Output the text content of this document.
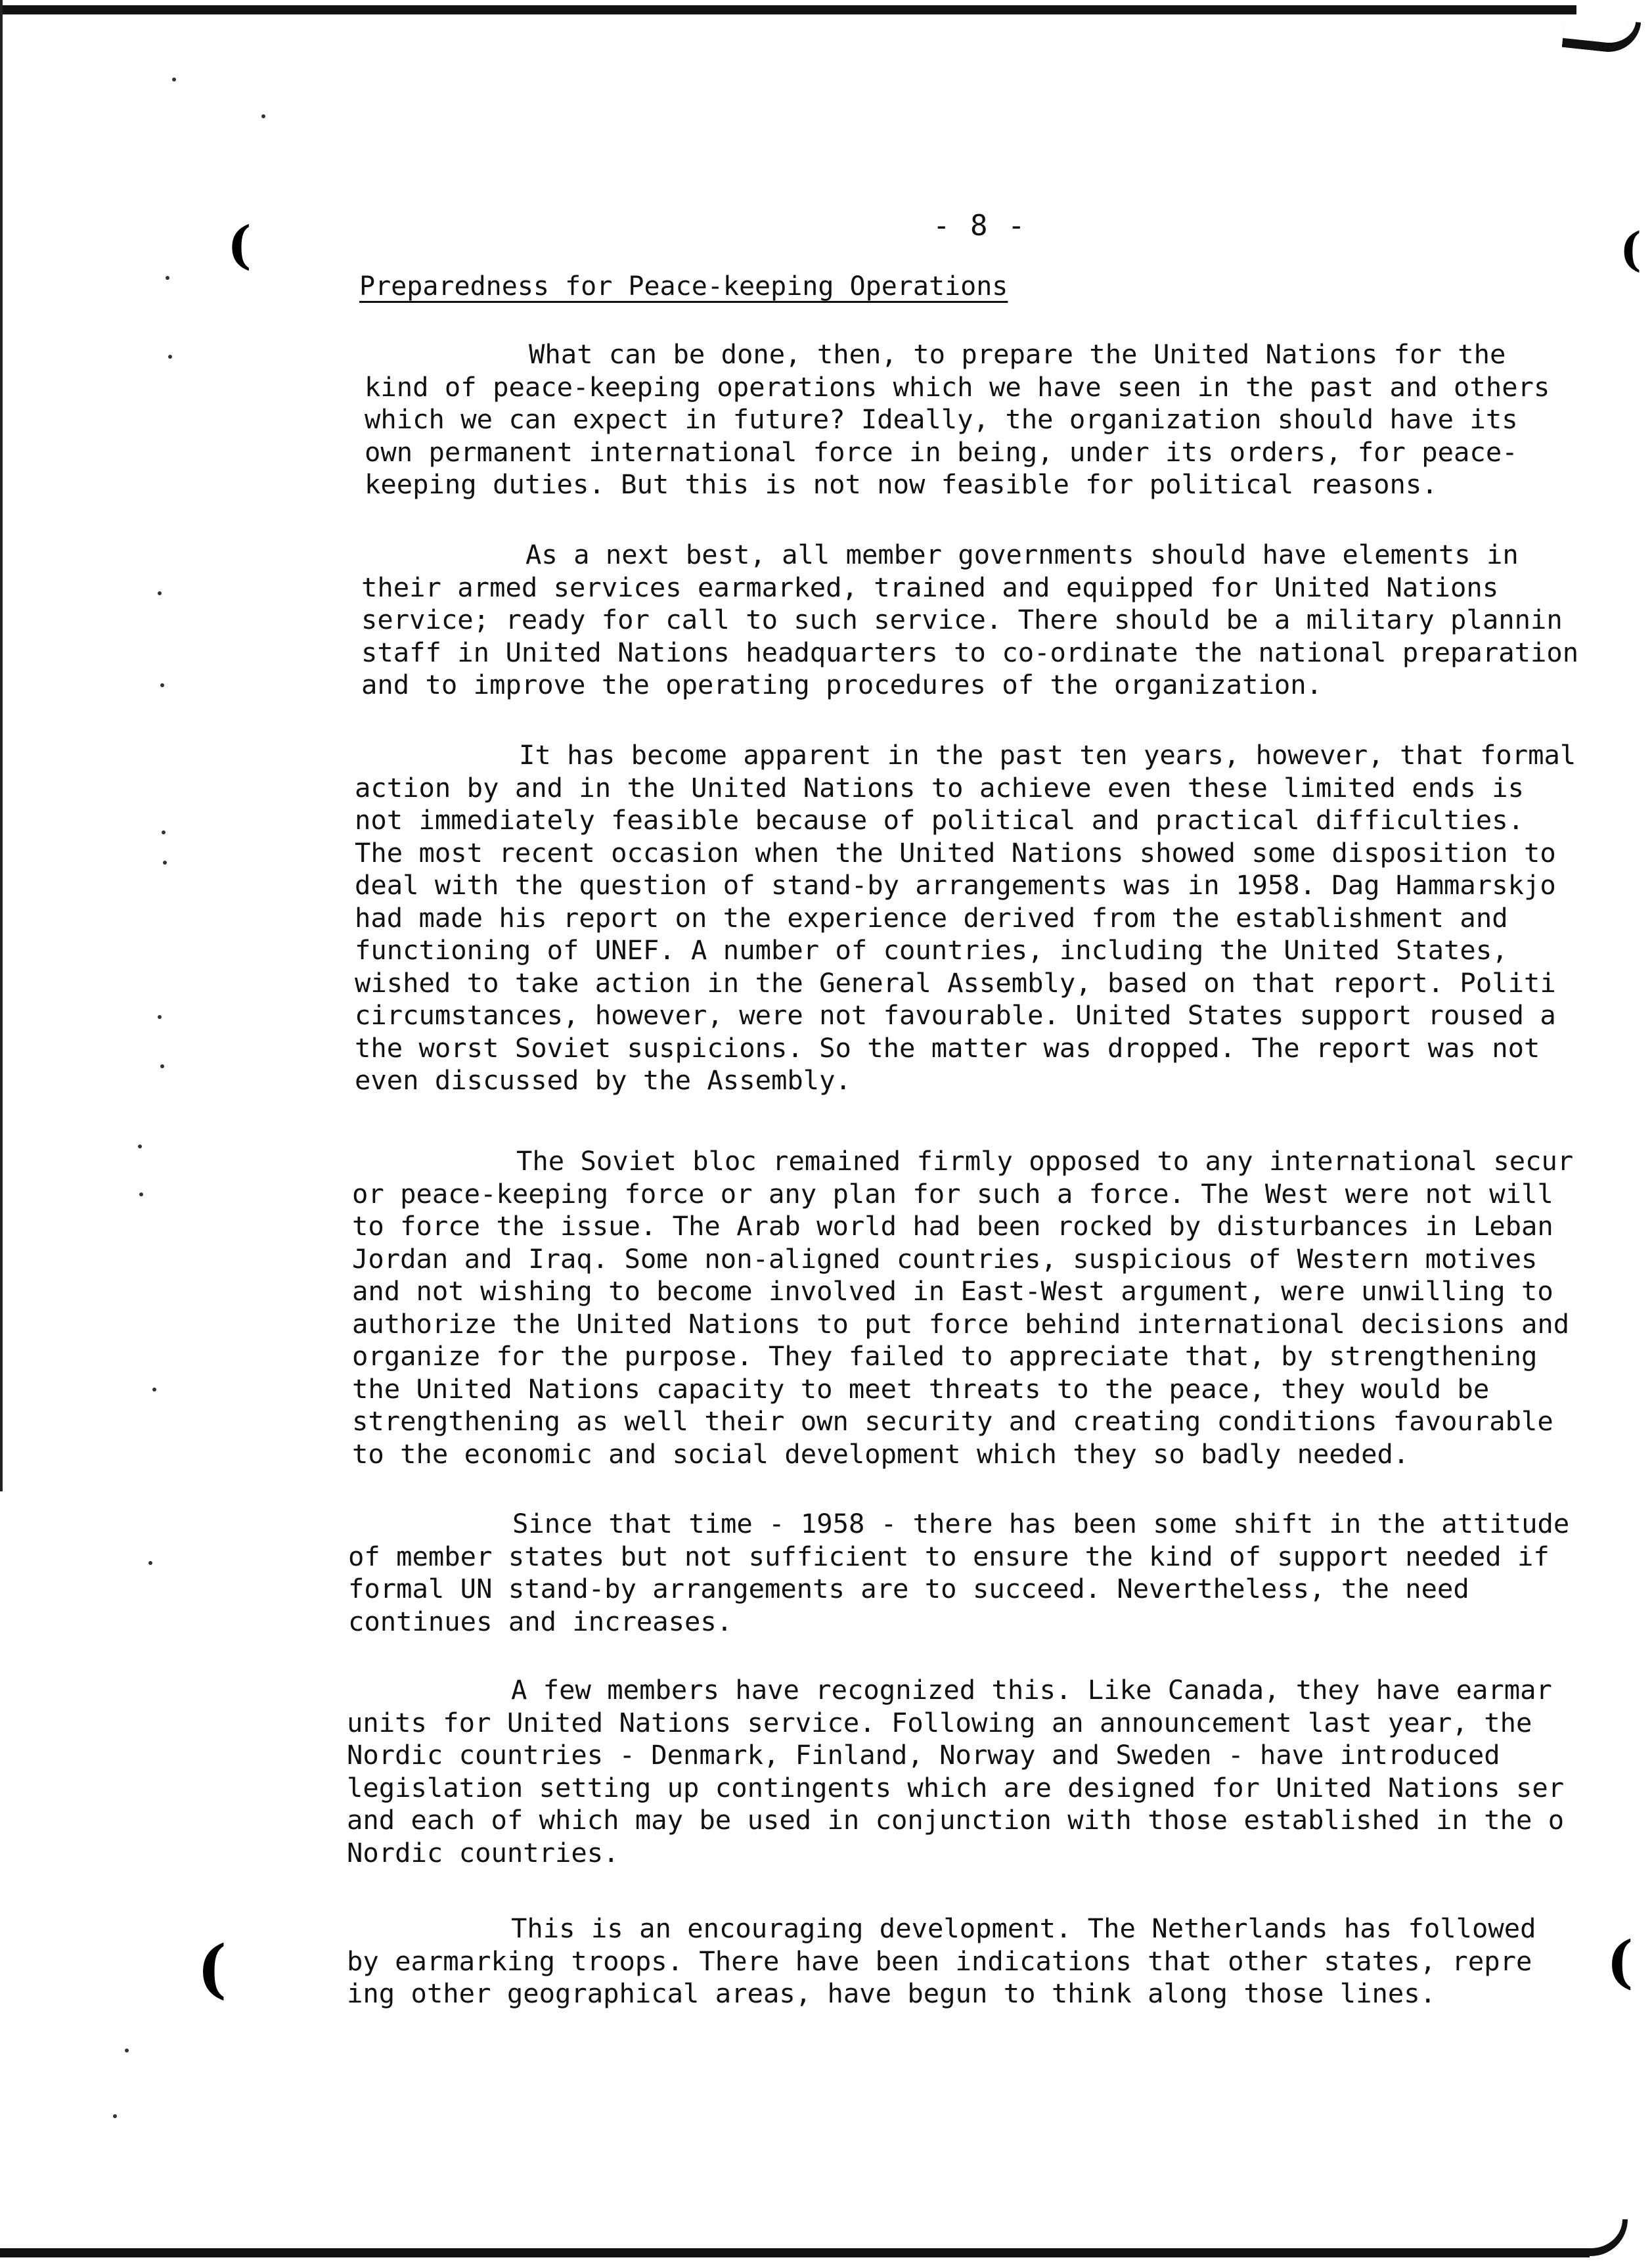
(	(
(	(
- 8 -
Preparedness for Peace-keeping Operations

What can be done, then, to prepare the United Nations for the
kind of peace-keeping operations which we have seen in the past and others
which we can expect in future? Ideally, the organization should have its
own permanent international force in being, under its orders, for peace-
keeping duties. But this is not now feasible for political reasons.

As a next best, all member governments should have elements in
their armed services earmarked, trained and equipped for United Nations
service; ready for call to such service. There should be a military plannin
staff in United Nations headquarters to co-ordinate the national preparation
and to improve the operating procedures of the organization.

It has become apparent in the past ten years, however, that formal
action by and in the United Nations to achieve even these limited ends is
not immediately feasible because of political and practical difficulties.
The most recent occasion when the United Nations showed some disposition to
deal with the question of stand-by arrangements was in 1958. Dag Hammarskjo
had made his report on the experience derived from the establishment and
functioning of UNEF. A number of countries, including the United States,
wished to take action in the General Assembly, based on that report. Politi
circumstances, however, were not favourable. United States support roused a
the worst Soviet suspicions. So the matter was dropped. The report was not
even discussed by the Assembly.

The Soviet bloc remained firmly opposed to any international secur
or peace-keeping force or any plan for such a force. The West were not will
to force the issue. The Arab world had been rocked by disturbances in Leban
Jordan and Iraq. Some non-aligned countries, suspicious of Western motives
and not wishing to become involved in East-West argument, were unwilling to
authorize the United Nations to put force behind international decisions and
organize for the purpose. They failed to appreciate that, by strengthening
the United Nations capacity to meet threats to the peace, they would be
strengthening as well their own security and creating conditions favourable
to the economic and social development which they so badly needed.

Since that time - 1958 - there has been some shift in the attitude
of member states but not sufficient to ensure the kind of support needed if
formal UN stand-by arrangements are to succeed. Nevertheless, the need
continues and increases.

A few members have recognized this. Like Canada, they have earmar
units for United Nations service. Following an announcement last year, the
Nordic countries - Denmark, Finland, Norway and Sweden - have introduced
legislation setting up contingents which are designed for United Nations ser
and each of which may be used in conjunction with those established in the o
Nordic countries.

This is an encouraging development. The Netherlands has followed
by earmarking troops. There have been indications that other states, repre
ing other geographical areas, have begun to think along those lines.
